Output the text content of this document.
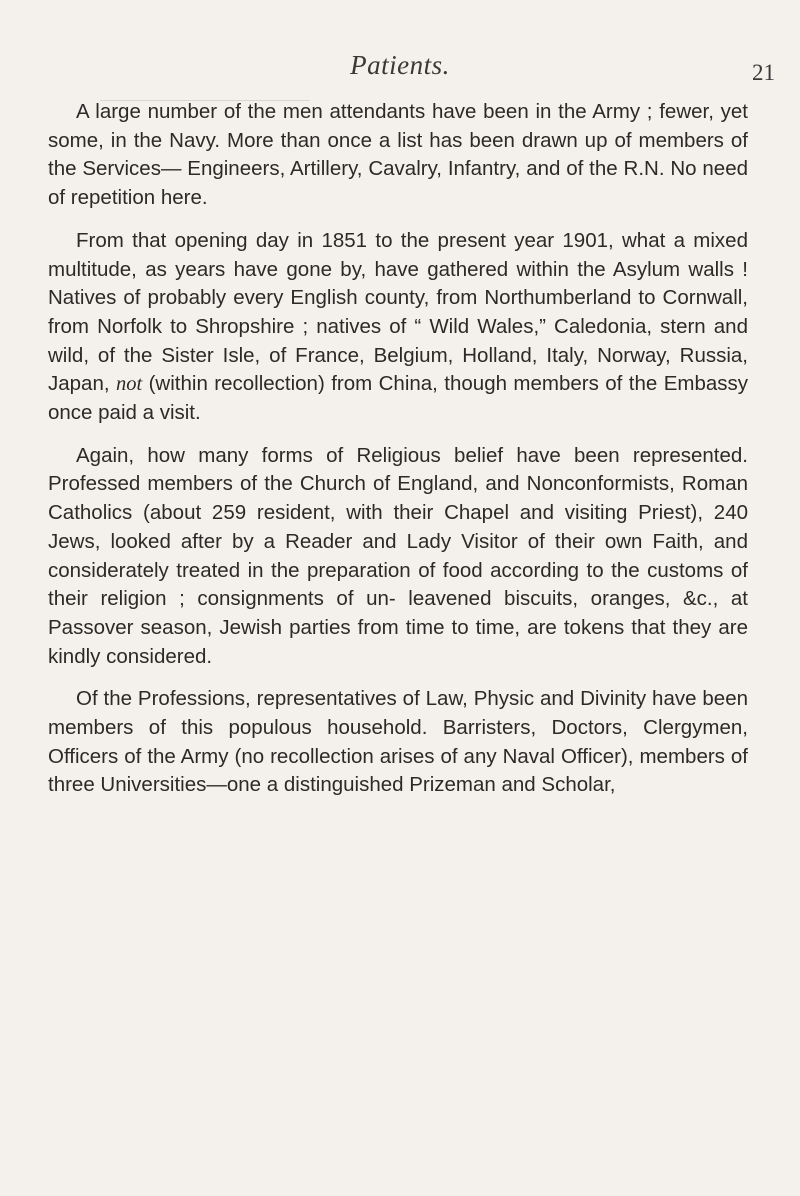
Patients.	21

A large number of the men attendants have been in the Army ; fewer, yet some, in the Navy. More than once a list has been drawn up of members of the Services— Engineers, Artillery, Cavalry, Infantry, and of the R.N. No need of repetition here.

From that opening day in 1851 to the present year 1901, what a mixed multitude, as years have gone by, have gathered within the Asylum walls ! Natives of probably every English county, from Northumberland to Cornwall, from Norfolk to Shropshire ; natives of “ Wild Wales,” Caledonia, stern and wild, of the Sister Isle, of France, Belgium, Holland, Italy, Norway, Russia, Japan, not (within recollection) from China, though members of the Embassy once paid a visit.

Again, how many forms of Religious belief have been represented. Professed members of the Church of England, and Nonconformists, Roman Catholics (about 259 resident, with their Chapel and visiting Priest), 240 Jews, looked after by a Reader and Lady Visitor of their own Faith, and considerately treated in the preparation of food according to the customs of their religion ; consignments of un- leavened biscuits, oranges, &c., at Passover season, Jewish parties from time to time, are tokens that they are kindly considered.

Of the Professions, representatives of Law, Physic and Divinity have been members of this populous household. Barristers, Doctors, Clergymen, Officers of the Army (no recollection arises of any Naval Officer), members of three Universities—one a distinguished Prizeman and Scholar,
